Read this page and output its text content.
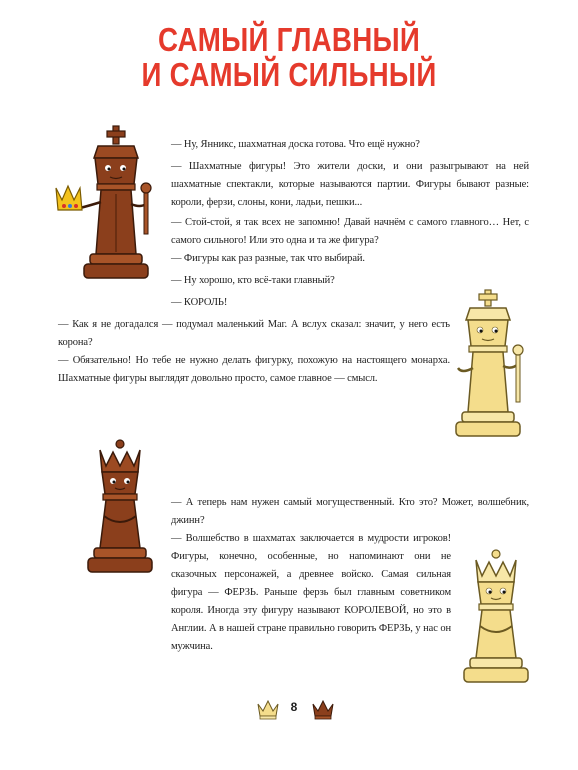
САМЫЙ ГЛАВНЫЙ
И САМЫЙ СИЛЬНЫЙ

— Ну, Янникс, шахматная доска готова. Что ещё нужно?

— Шахматные фигуры! Это жители доски, и они разыгрывают на ней шахматные спектакли, которые называются партии. Фигуры бывают разные: короли, ферзи, слоны, кони, ладьи, пешки...

— Стой-стой, я так всех не запомню! Давай начнём с самого главного… Нет, с самого сильного! Или это одна и та же фигура?

— Фигуры как раз разные, так что выбирай.

— Ну хорошо, кто всё-таки главный?

— КОРОЛЬ!

— Как я не догадался — подумал маленький Маг. А вслух сказал: значит, у него есть корона?

— Обязательно! Но тебе не нужно делать фигурку, похожую на настоящего монарха. Шахматные фигуры выглядят довольно просто, самое главное — смысл.

— А теперь нам нужен самый могущественный. Кто это? Может, волшебник, джинн?

— Волшебство в шахматах заключается в мудрости игроков! Фигуры, конечно, особенные, но напоминают они не сказочных персонажей, а древнее войско. Самая сильная фигура — ФЕРЗЬ. Раньше ферзь был главным советником короля. Иногда эту фигуру называют КОРОЛЕВОЙ, но это в Англии. А в нашей стране правильно говорить ФЕРЗЬ, у нас он мужчина.

8
